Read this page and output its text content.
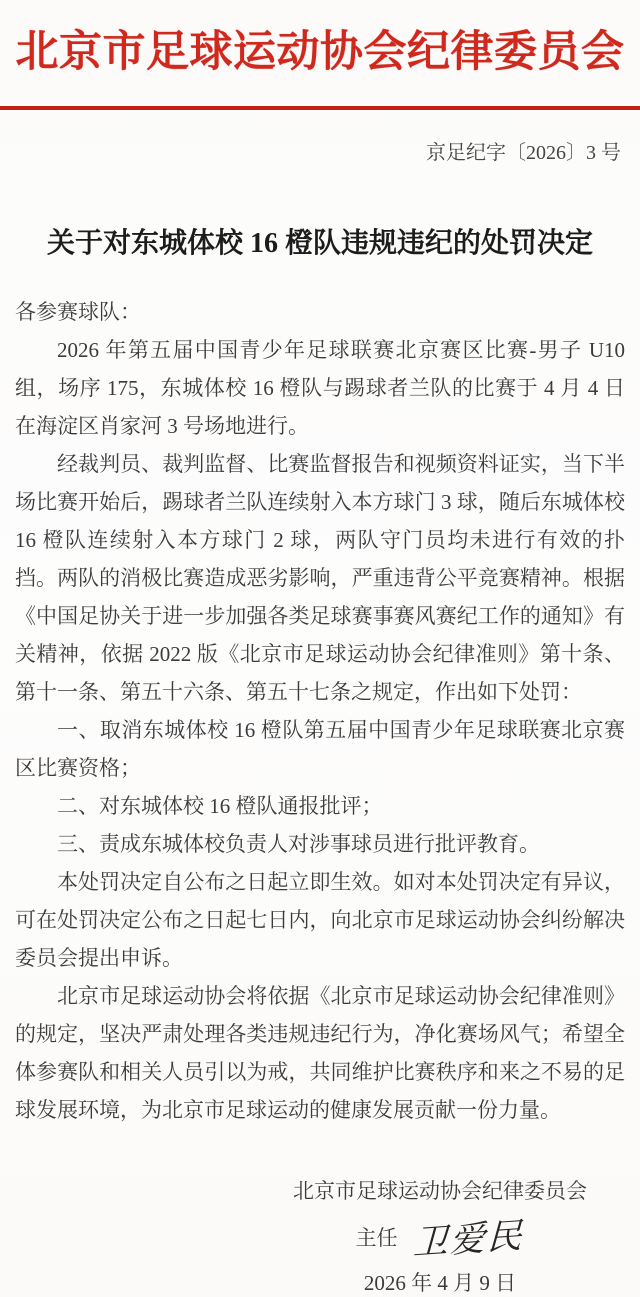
北京市足球运动协会纪律委员会
京足纪字〔2026〕3 号
关于对东城体校 16 橙队违规违纪的处罚决定

各参赛球队：

2026 年第五届中国青少年足球联赛北京赛区比赛-男子 U10 组，场序 175，东城体校 16 橙队与踢球者兰队的比赛于 4 月 4 日在海淀区肖家河 3 号场地进行。

经裁判员、裁判监督、比赛监督报告和视频资料证实，当下半场比赛开始后，踢球者兰队连续射入本方球门 3 球，随后东城体校 16 橙队连续射入本方球门 2 球，两队守门员均未进行有效的扑挡。两队的消极比赛造成恶劣影响，严重违背公平竞赛精神。根据《中国足协关于进一步加强各类足球赛事赛风赛纪工作的通知》有关精神，依据 2022 版《北京市足球运动协会纪律准则》第十条、第十一条、第五十六条、第五十七条之规定，作出如下处罚：

一、取消东城体校 16 橙队第五届中国青少年足球联赛北京赛区比赛资格；

二、对东城体校 16 橙队通报批评；

三、责成东城体校负责人对涉事球员进行批评教育。

本处罚决定自公布之日起立即生效。如对本处罚决定有异议，可在处罚决定公布之日起七日内，向北京市足球运动协会纠纷解决委员会提出申诉。

北京市足球运动协会将依据《北京市足球运动协会纪律准则》的规定，坚决严肃处理各类违规违纪行为，净化赛场风气；希望全体参赛队和相关人员引以为戒，共同维护比赛秩序和来之不易的足球发展环境，为北京市足球运动的健康发展贡献一份力量。

北京市足球运动协会纪律委员会
主任 卫爱民
2026 年 4 月 9 日
